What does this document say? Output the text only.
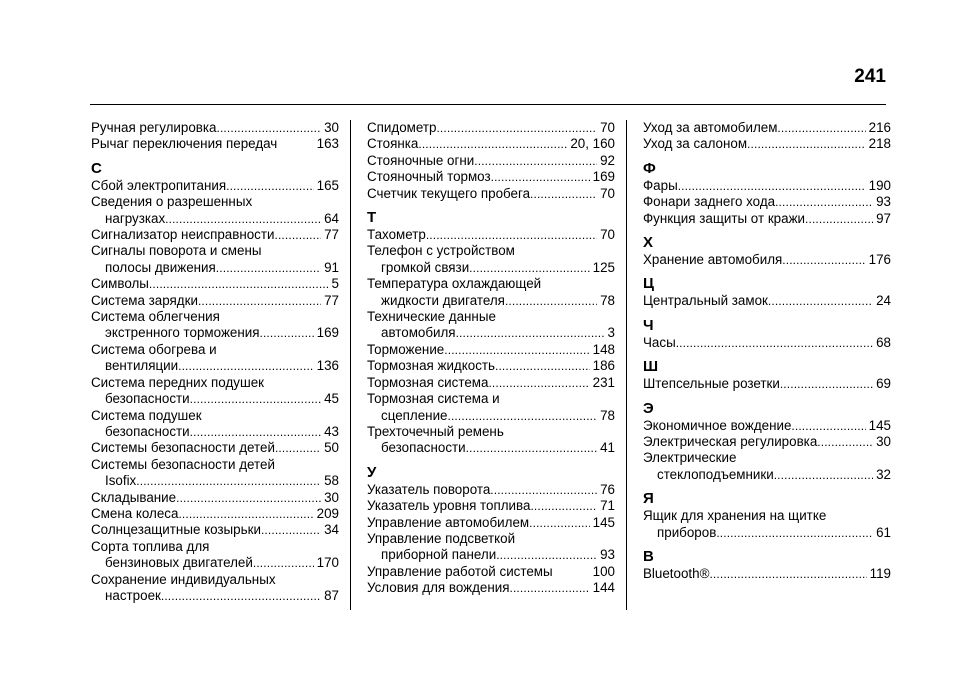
241
Ручная регулировка . . .	30
Рычаг переключения передач	163
С
Сбой электропитания . . .	165
Сведения о разрешенных
нагрузках . . .	64
Сигнализатор неисправности . . .	77
Сигналы поворота и смены
полосы движения . . .	91
Символы . . .	5
Система зарядки . . .	77
Система облегчения
экстренного торможения . . .	169
Система обогрева и
вентиляции . . .	136
Система передних подушек
безопасности . . .	45
Система подушек
безопасности . . .	43
Системы безопасности детей . . .	50
Системы безопасности детей
Isofix . . .	58
Складывание . . .	30
Смена колеса . . .	209
Солнцезащитные козырьки . . .	34
Сорта топлива для
бензиновых двигателей . . .	170
Сохранение индивидуальных
настроек . . .	87
Спидометр . . .	70
Стоянка . . .	20, 160
Стояночные огни . . .	92
Стояночный тормоз . . .	169
Счетчик текущего пробега . . .	70
Т
Тахометр . . .	70
Телефон с устройством
громкой связи . . .	125
Температура охлаждающей
жидкости двигателя . . .	78
Технические данные
автомобиля . . .	3
Торможение . . .	148
Тормозная жидкость . . .	186
Тормозная система . . .	231
Тормозная система и
сцепление . . .	78
Трехточечный ремень
безопасности . . .	41
У
Указатель поворота . . .	76
Указатель уровня топлива . . .	71
Управление автомобилем . . .	145
Управление подсветкой
приборной панели . . .	93
Управление работой системы	100
Условия для вождения . . .	144
Уход за автомобилем . . .	216
Уход за салоном . . .	218
Ф
Фары . . .	190
Фонари заднего хода . . .	93
Функция защиты от кражи . . .	97
Х
Хранение автомобиля . . .	176
Ц
Центральный замок . . .	24
Ч
Часы . . .	68
Ш
Штепсельные розетки . . .	69
Э
Экономичное вождение . . .	145
Электрическая регулировка . . .	30
Электрические
стеклоподъемники . . .	32
Я
Ящик для хранения на щитке
приборов . . .	61
B
Bluetooth® . . .	119
